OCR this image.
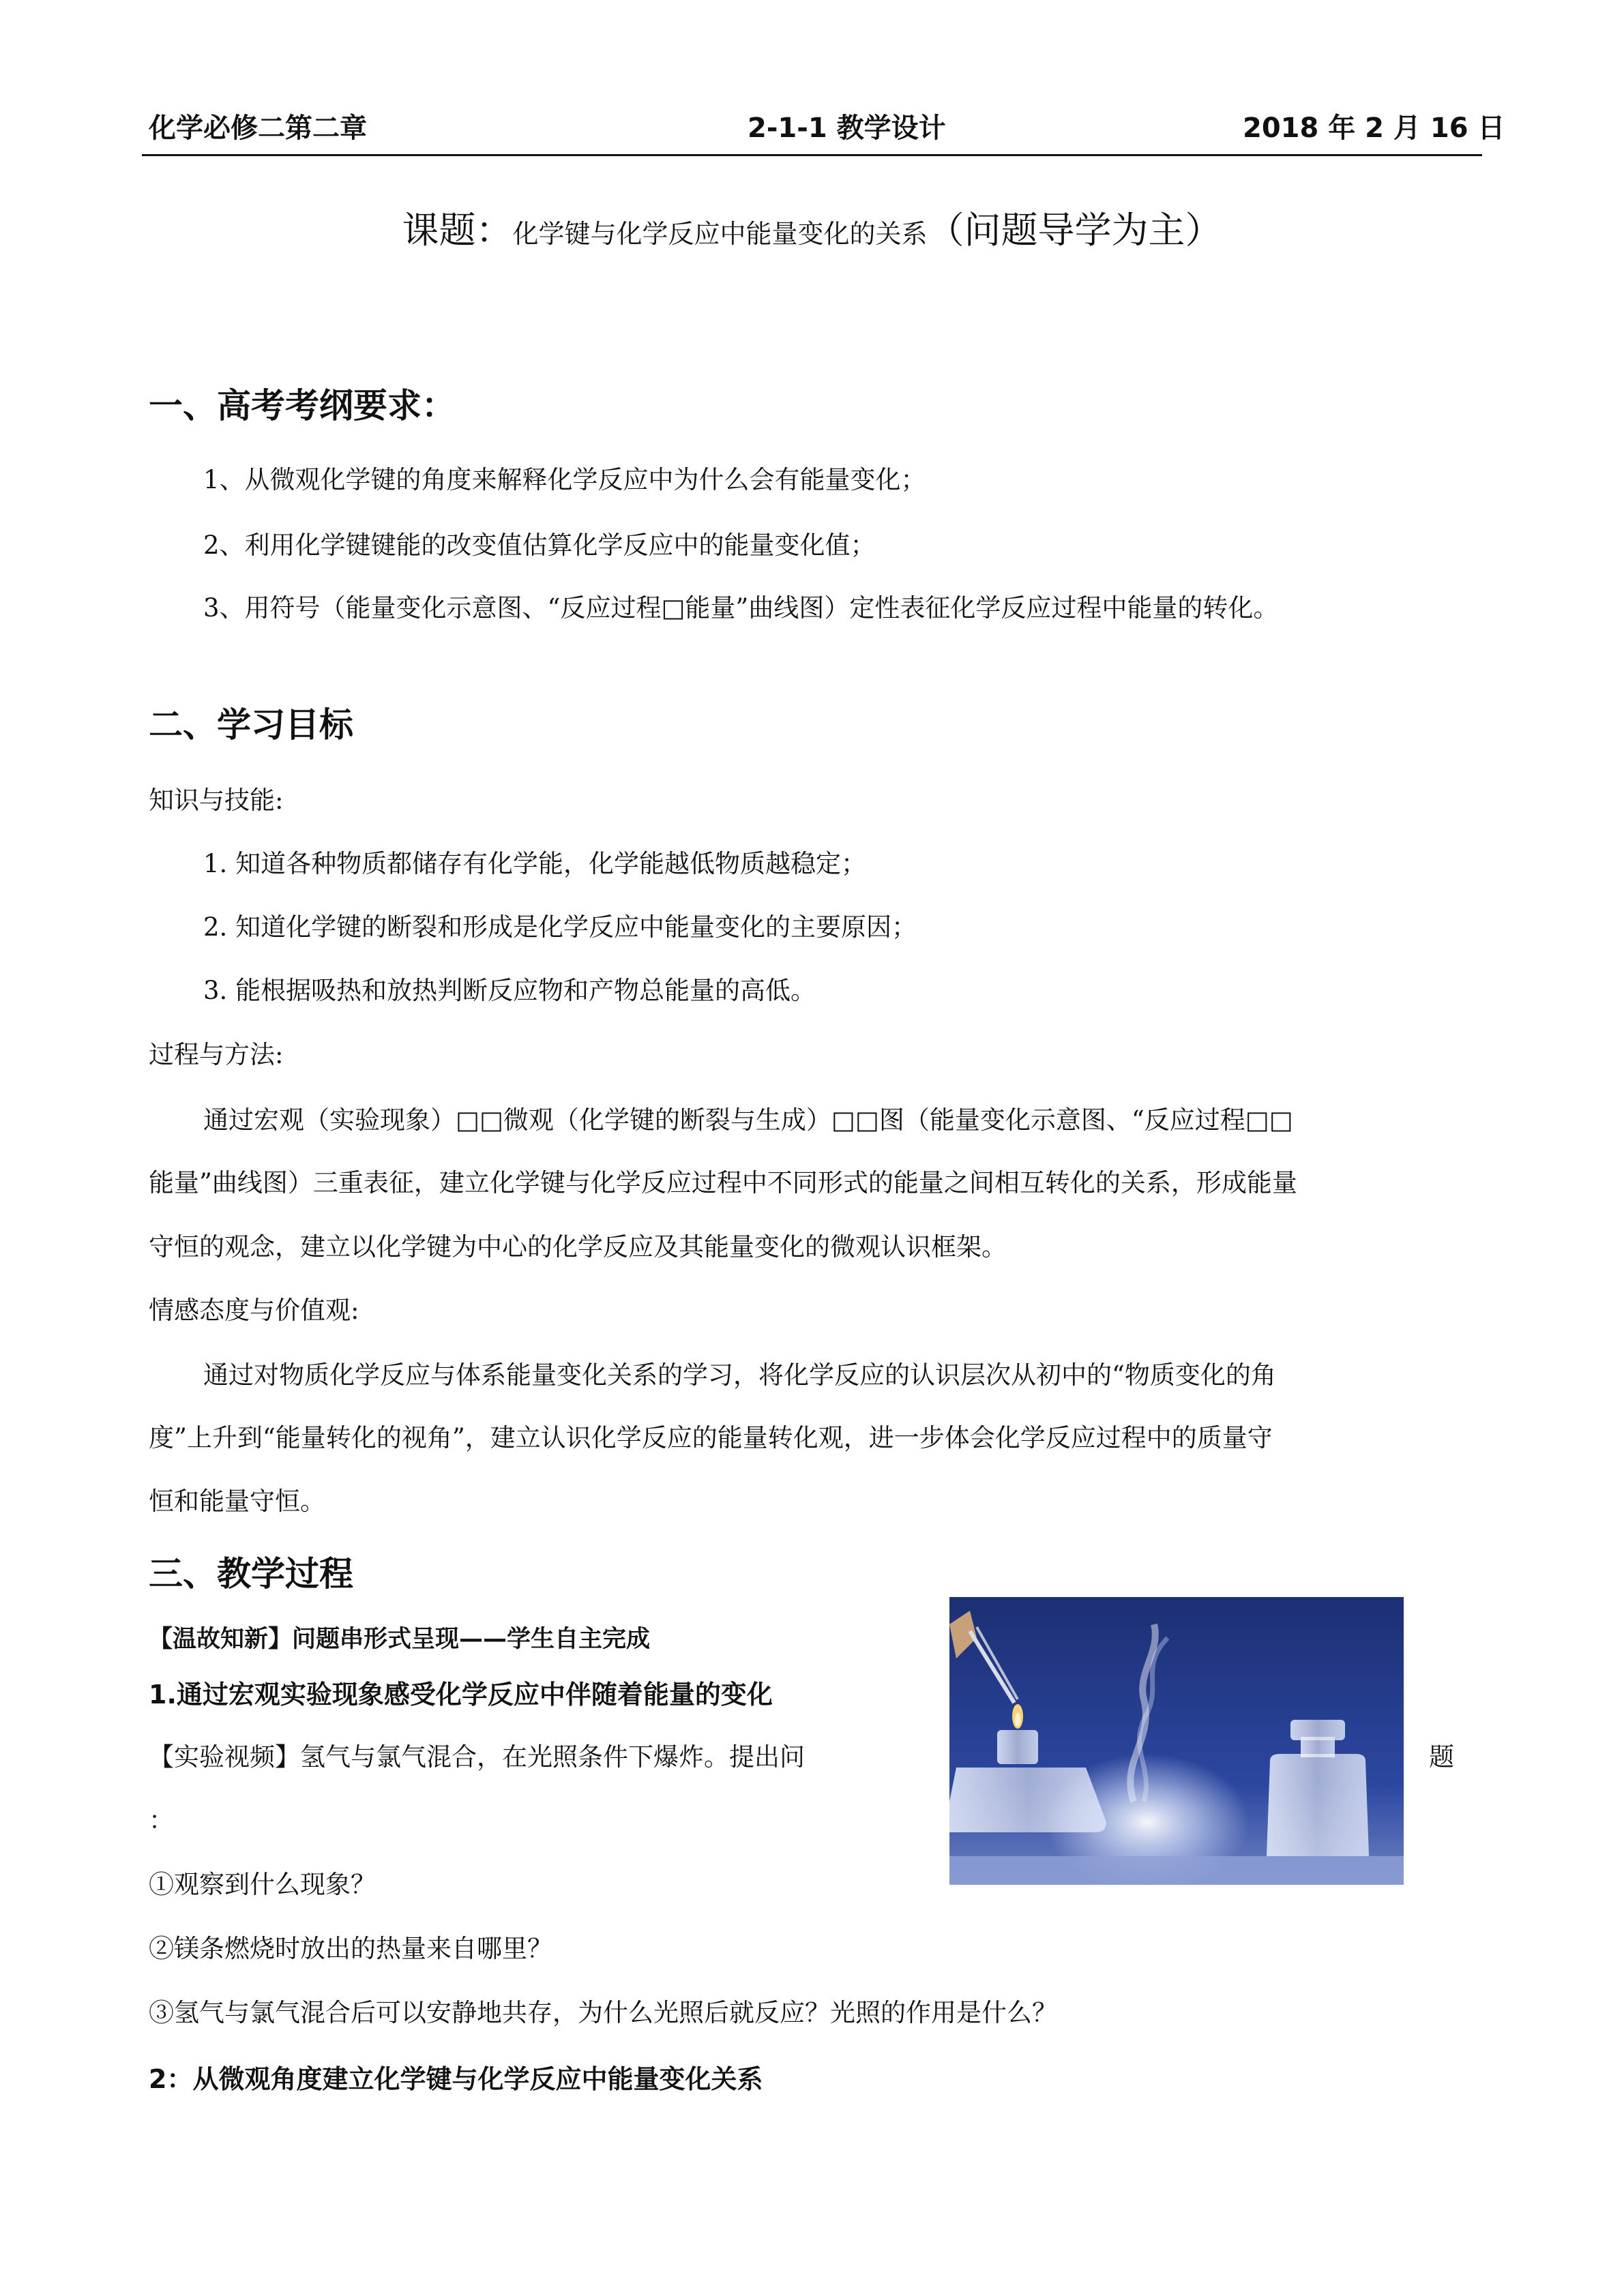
化学必修二第二章	2-1-1 教学设计	2018 年 2 月 16 日
课题：化学键与化学反应中能量变化的关系（问题导学为主）
一、高考考纲要求：
1、从微观化学键的角度来解释化学反应中为什么会有能量变化；
2、利用化学键键能的改变值估算化学反应中的能量变化值；
3、用符号（能量变化示意图、“反应过程□能量”曲线图）定性表征化学反应过程中能量的转化。
二、学习目标
知识与技能:
1. 知道各种物质都储存有化学能，化学能越低物质越稳定；
2. 知道化学键的断裂和形成是化学反应中能量变化的主要原因；
3. 能根据吸热和放热判断反应物和产物总能量的高低。
过程与方法:
通过宏观（实验现象）□□微观（化学键的断裂与生成）□□图（能量变化示意图、“反应过程□□
能量”曲线图）三重表征，建立化学键与化学反应过程中不同形式的能量之间相互转化的关系，形成能量
守恒的观念，建立以化学键为中心的化学反应及其能量变化的微观认识框架。
情感态度与价值观:
通过对物质化学反应与体系能量变化关系的学习，将化学反应的认识层次从初中的“物质变化的角
度”上升到“能量转化的视角”，建立认识化学反应的能量转化观，进一步体会化学反应过程中的质量守
恒和能量守恒。
三、教学过程
【温故知新】问题串形式呈现——学生自主完成
1.通过宏观实验现象感受化学反应中伴随着能量的变化
【实验视频】氢气与氯气混合，在光照条件下爆炸。提出问	题
：
①观察到什么现象？
②镁条燃烧时放出的热量来自哪里？
③氢气与氯气混合后可以安静地共存，为什么光照后就反应？光照的作用是什么？
2：从微观角度建立化学键与化学反应中能量变化关系
